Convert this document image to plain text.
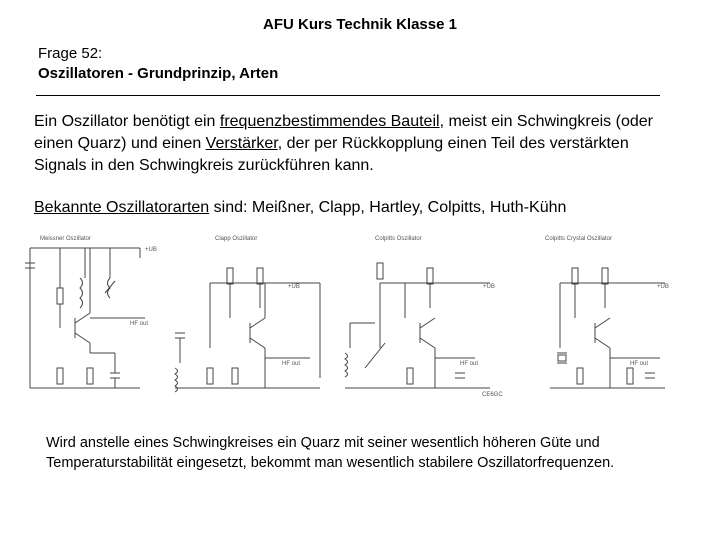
AFU Kurs Technik Klasse 1
Frage 52:
Oszillatoren - Grundprinzip, Arten
Ein Oszillator benötigt ein frequenzbestimmendes Bauteil, meist ein Schwingkreis (oder einen Quarz) und einen Verstärker, der per Rückkopplung einen Teil des verstärkten Signals in den Schwingkreis zurückführen kann.
Bekannte Oszillatorarten sind: Meißner, Clapp, Hartley, Colpitts, Huth-Kühn
Meissner Oszillator
HF out
+UB
Clapp Oszillator
HF out
+UB
Colpitts Oszillator
HF out
+UB
CE6GC
Colpitts Crystal Oszillator
HF out
+UB
Wird anstelle eines Schwingkreises ein Quarz mit seiner wesentlich höheren Güte und Temperaturstabilität eingesetzt, bekommt man wesentlich stabilere Oszillatorfrequenzen.
